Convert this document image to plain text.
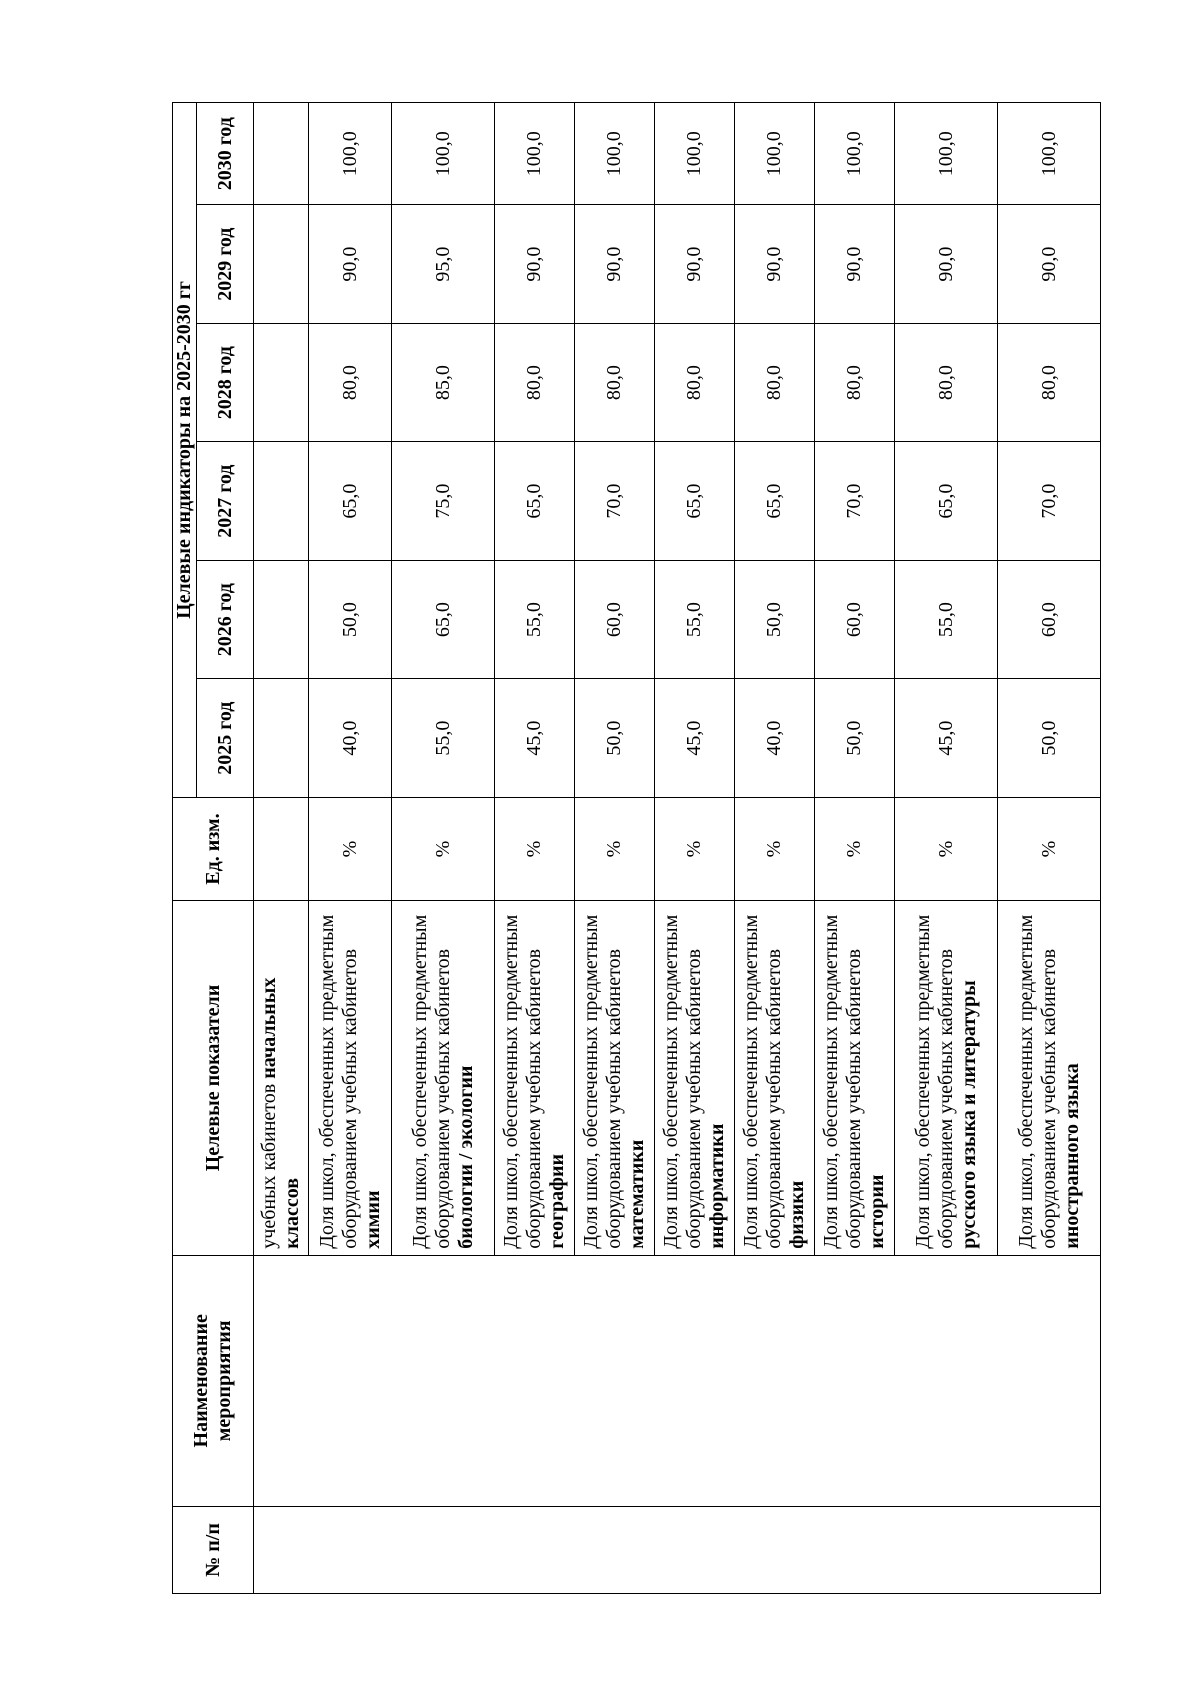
№ п/п	Наименование мероприятия	Целевые показатели	Ед. изм.	Целевые индикаторы на 2025-2030 гг					
				2025 год	2026 год	2027 год	2028 год	2029 год	2030 год
		учебных кабинетов начальных классов							
		Доля школ, обеспеченных предметным оборудованием учебных кабинетов химии	%	40,0	50,0	65,0	80,0	90,0	100,0
		Доля школ, обеспеченных предметным оборудованием учебных кабинетов биологии / экологии	%	55,0	65,0	75,0	85,0	95,0	100,0
		Доля школ, обеспеченных предметным оборудованием учебных кабинетов географии	%	45,0	55,0	65,0	80,0	90,0	100,0
		Доля школ, обеспеченных предметным оборудованием учебных кабинетов математики	%	50,0	60,0	70,0	80,0	90,0	100,0
		Доля школ, обеспеченных предметным оборудованием учебных кабинетов информатики	%	45,0	55,0	65,0	80,0	90,0	100,0
		Доля школ, обеспеченных предметным оборудованием учебных кабинетов физики	%	40,0	50,0	65,0	80,0	90,0	100,0
		Доля школ, обеспеченных предметным оборудованием учебных кабинетов истории	%	50,0	60,0	70,0	80,0	90,0	100,0
		Доля школ, обеспеченных предметным оборудованием учебных кабинетов русского языка и литературы	%	45,0	55,0	65,0	80,0	90,0	100,0
		Доля школ, обеспеченных предметным оборудованием учебных кабинетов иностранного языка	%	50,0	60,0	70,0	80,0	90,0	100,0
